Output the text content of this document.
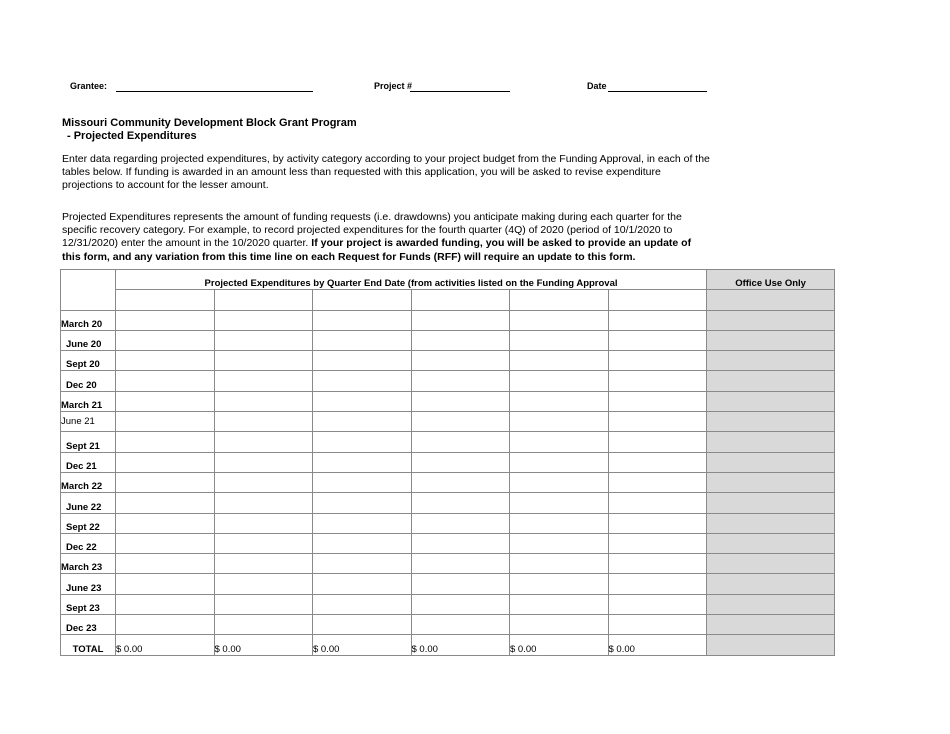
Grantee:	Project #	Date
Missouri Community Development Block Grant Program
- Projected Expenditures
Enter data regarding projected expenditures, by activity category according to your project budget from the Funding Approval, in each of the tables below. If funding is awarded in an amount less than requested with this application, you will be asked to revise expenditure projections to account for the lesser amount.
Projected Expenditures represents the amount of funding requests (i.e. drawdowns) you anticipate making during each quarter for the specific recovery category. For example, to record projected expenditures for the fourth quarter (4Q) of 2020 (period of 10/1/2020 to 12/31/2020) enter the amount in the 10/2020 quarter. If your project is awarded funding, you will be asked to provide an update of this form, and any variation from this time line on each Request for Funds (RFF) will require an update to this form.
	Projected Expenditures by Quarter End Date (from activities listed on the Funding Approval						Office Use Only

March 20							
June 20							
Sept 20							
Dec 20							
March 21							
June 21							
Sept 21							
Dec 21							
March 22							
June 22							
Sept 22							
Dec 22							
March 23							
June 23							
Sept 23							
Dec 23							
TOTAL	$ 0.00	$ 0.00	$ 0.00	$ 0.00	$ 0.00	$ 0.00	
